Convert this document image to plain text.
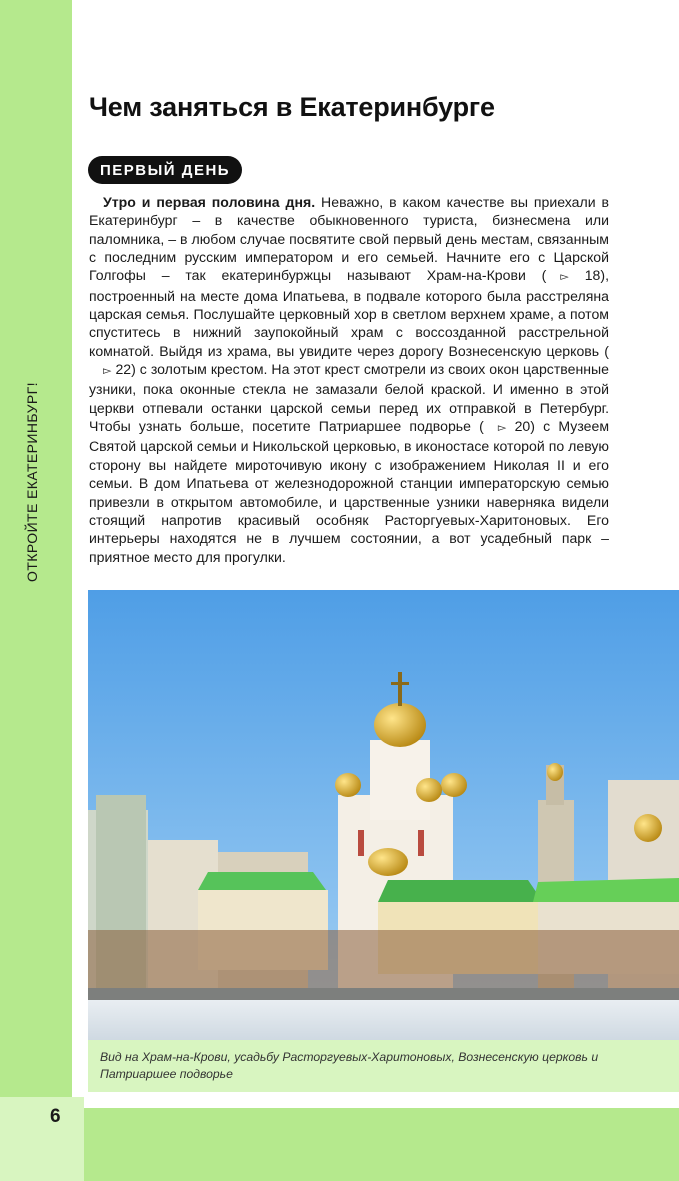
ОТКРОЙТЕ ЕКАТЕРИНБУРГ!
Чем заняться в Екатеринбурге
ПЕРВЫЙ ДЕНЬ

Утро и первая половина дня. Неважно, в каком качестве вы приехали в Екатеринбург – в качестве обыкновенного туриста, бизнесмена или паломника, – в любом случае посвятите свой первый день местам, связанным с последним русским императором и его семьей. Начните его с Царской Голгофы – так екатеринбуржцы называют Храм-на-Крови ( ▻ 18), построенный на месте дома Ипатьева, в подвале которого была расстреляна царская семья. Послушайте церковный хор в светлом верхнем храме, а потом спуститесь в нижний заупокойный храм с воссозданной расстрельной комнатой. Выйдя из храма, вы увидите через дорогу Вознесенскую церковь (▻ 22) с золотым крестом. На этот крест смотрели из своих окон царственные узники, пока оконные стекла не замазали белой краской. И именно в этой церкви отпевали останки царской семьи перед их отправкой в Петербург. Чтобы узнать больше, посетите Патриаршее подворье ( ▻ 20) с Музеем Святой царской семьи и Никольской церковью, в иконостасе которой по левую сторону вы найдете мироточивую икону с изображением Николая II и его семьи. В дом Ипатьева от железнодорожной станции императорскую семью привезли в открытом автомобиле, и царственные узники наверняка видели стоящий напротив красивый особняк Расторгуевых-Харитоновых. Его интерьеры находятся не в лучшем состоянии, а вот усадебный парк – приятное место для прогулки.

Вид на Храм-на-Крови, усадьбу Расторгуевых-Харитоновых, Вознесенскую церковь и Патриаршее подворье
6
